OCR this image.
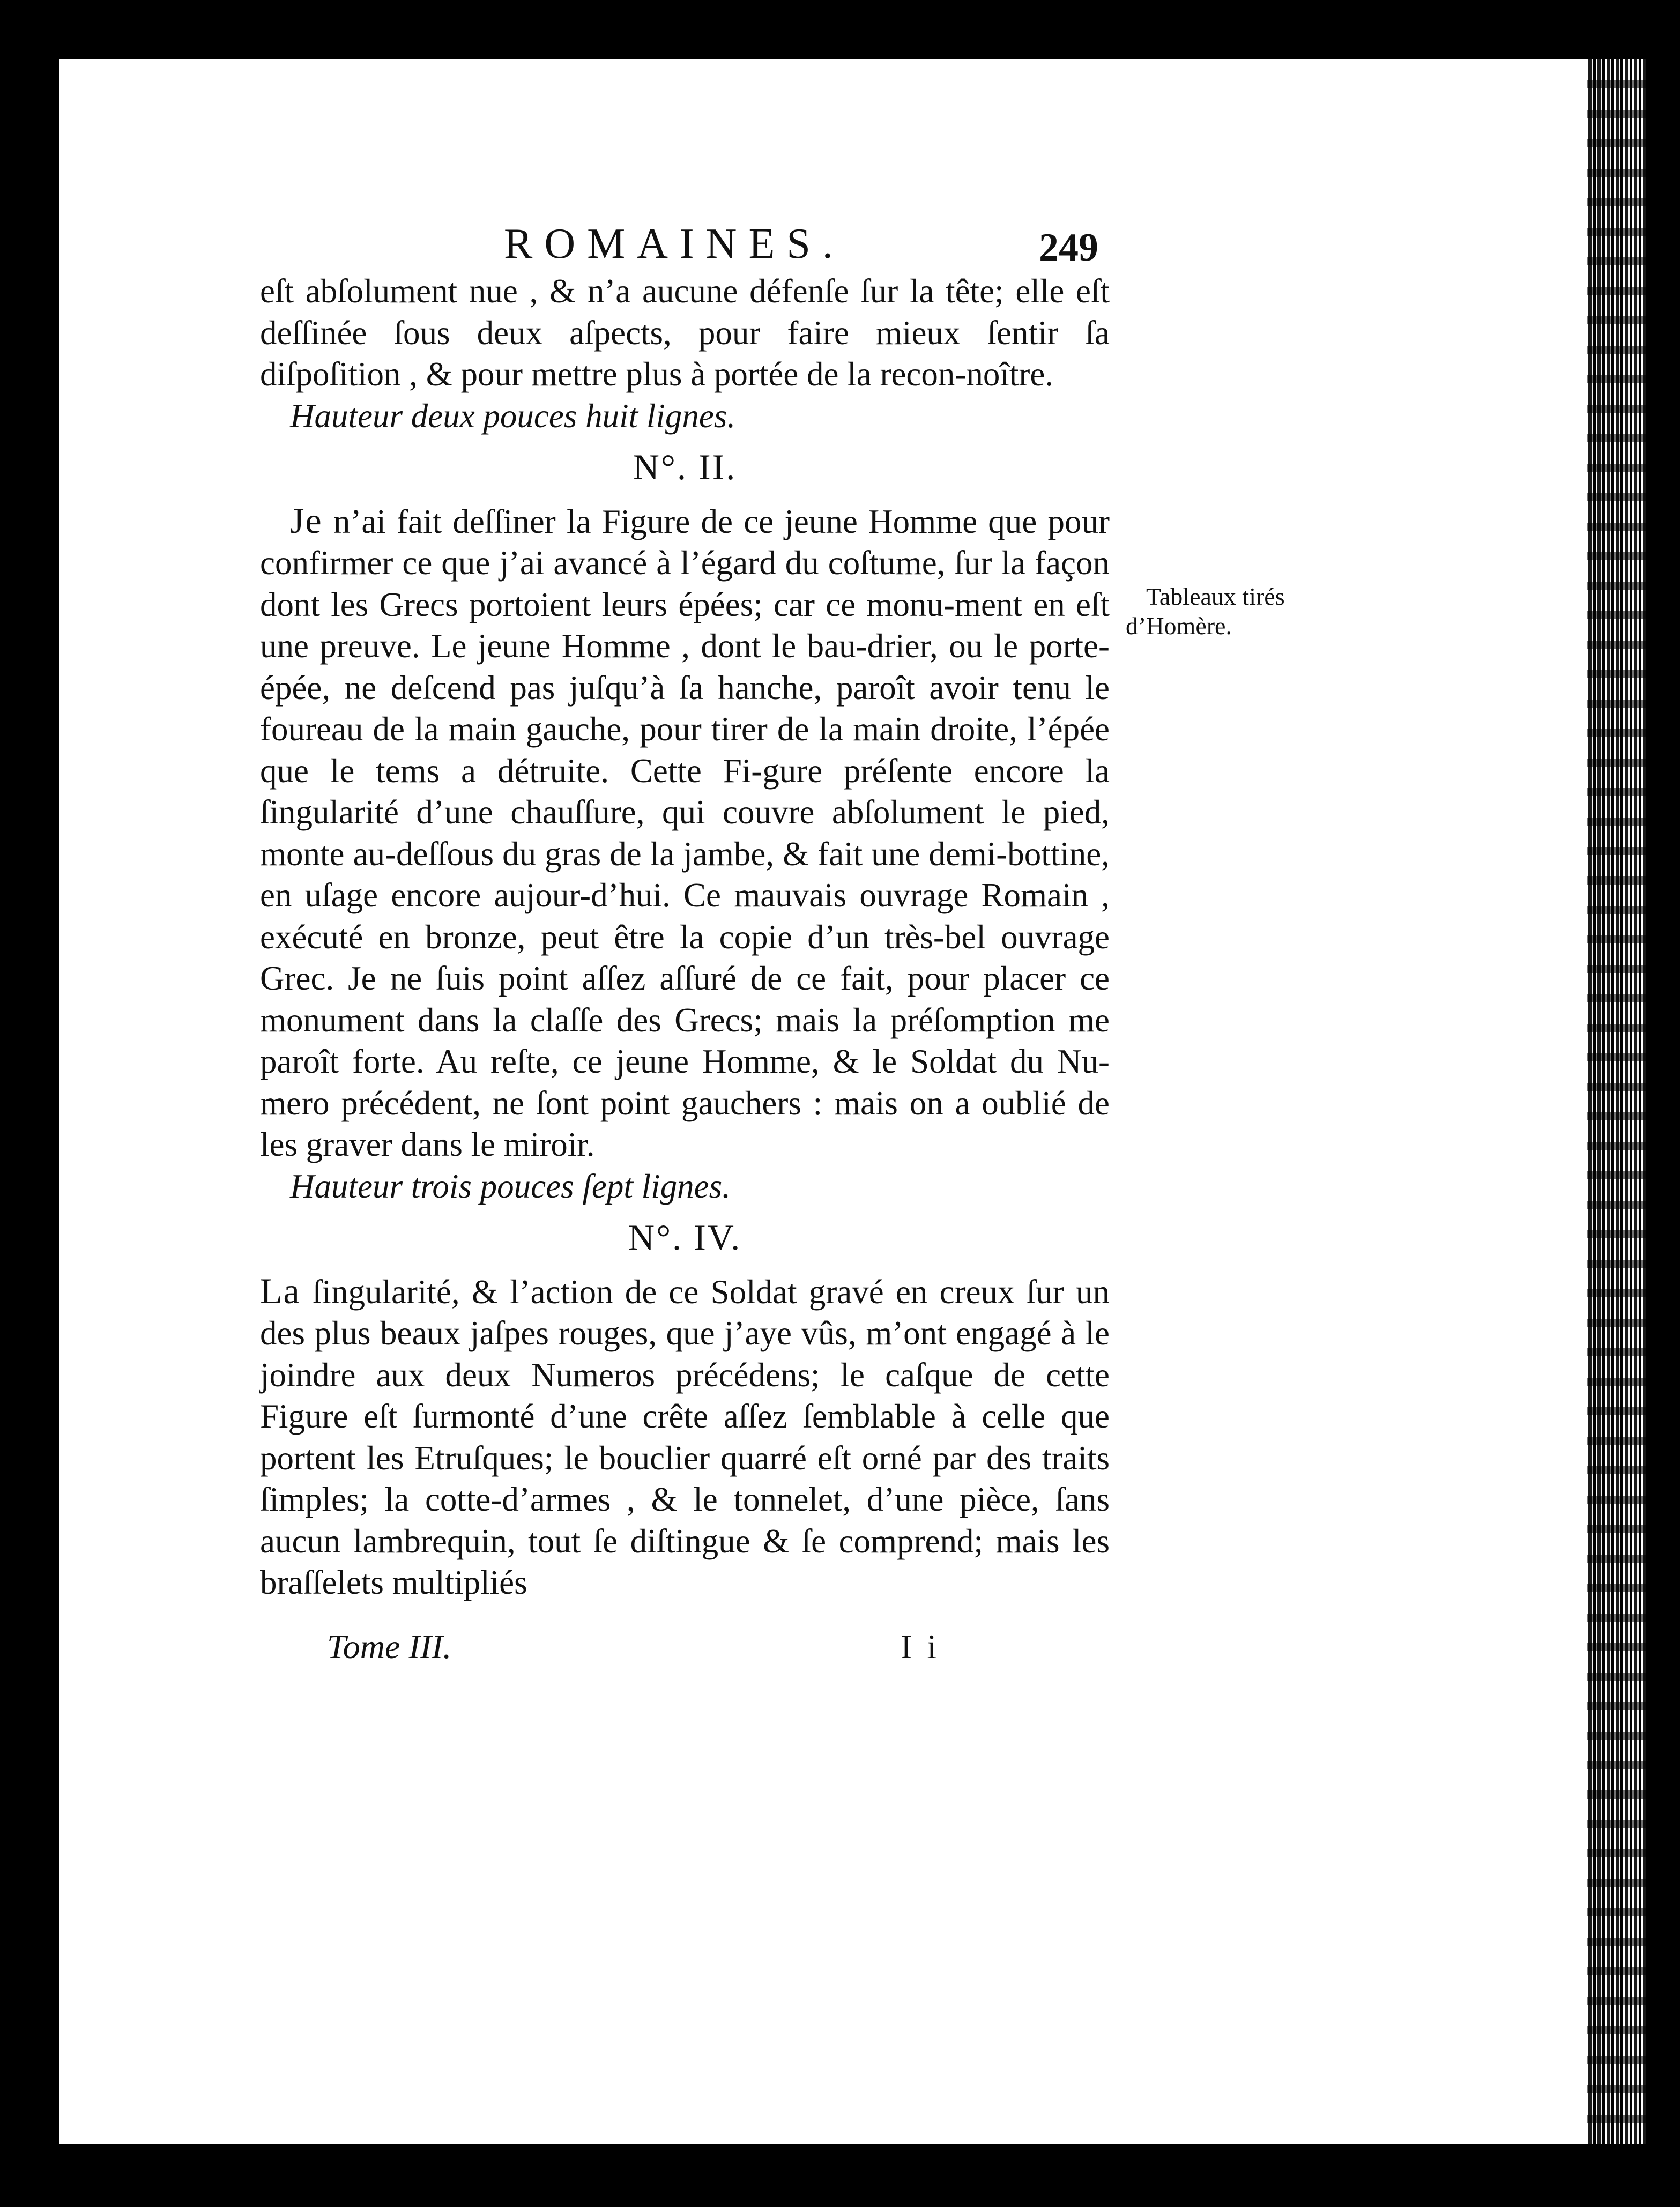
ROMAINES.	249

eſt abſolument nue , & n’a aucune défenſe ſur la tête; elle eſt deſſinée ſous deux aſpects, pour faire mieux ſentir ſa diſpoſition , & pour mettre plus à portée de la recon-noître.

Hauteur deux pouces huit lignes.

N°. II.

Je n’ai fait deſſiner la Figure de ce jeune Homme que pour confirmer ce que j’ai avancé à l’égard du coſtume, ſur la façon dont les Grecs portoient leurs épées; car ce monu-ment en eſt une preuve. Le jeune Homme , dont le bau-drier, ou le porte-épée, ne deſcend pas juſqu’à ſa hanche, paroît avoir tenu le foureau de la main gauche, pour tirer de la main droite, l’épée que le tems a détruite. Cette Fi-gure préſente encore la ſingularité d’une chauſſure, qui couvre abſolument le pied, monte au-deſſous du gras de la jambe, & fait une demi-bottine, en uſage encore aujour-d’hui. Ce mauvais ouvrage Romain , exécuté en bronze, peut être la copie d’un très-bel ouvrage Grec. Je ne ſuis point aſſez aſſuré de ce fait, pour placer ce monument dans la claſſe des Grecs; mais la préſomption me paroît forte. Au reſte, ce jeune Homme, & le Soldat du Nu-mero précédent, ne ſont point gauchers : mais on a oublié de les graver dans le miroir.

Hauteur trois pouces ſept lignes.

N°. IV.

La ſingularité, & l’action de ce Soldat gravé en creux ſur un des plus beaux jaſpes rouges, que j’aye vûs, m’ont engagé à le joindre aux deux Numeros précédens; le caſque de cette Figure eſt ſurmonté d’une crête aſſez ſemblable à celle que portent les Etruſques; le bouclier quarré eſt orné par des traits ſimples; la cotte-d’armes , & le tonnelet, d’une pièce, ſans aucun lambrequin, tout ſe diſtingue & ſe comprend; mais les braſſelets multipliés

Tableaux tirés
d’Homère.
Tome III.	I i
